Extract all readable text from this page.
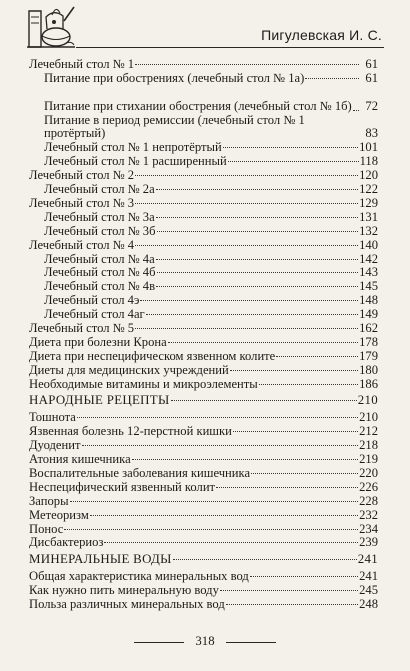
Пигулевская И. С.
Лечебный стол № 1	61
Питание при обострениях (лечебный стол № 1а)	61
Питание при стихании обострения (лечебный стол № 1б)	72
Питание в период ремиссии (лечебный стол № 1 протёртый)	83
Лечебный стол № 1 непротёртый	101
Лечебный стол № 1 расширенный	118
Лечебный стол № 2	120
Лечебный стол № 2а	122
Лечебный стол № 3	129
Лечебный стол № 3а	131
Лечебный стол № 3б	132
Лечебный стол № 4	140
Лечебный стол № 4а	142
Лечебный стол № 4б	143
Лечебный стол № 4в	145
Лечебный стол 4э	148
Лечебный стол 4аг	149
Лечебный стол № 5	162
Диета при болезни Крона	178
Диета при неспецифическом язвенном колите	179
Диеты для медицинских учреждений	180
Необходимые витамины и микроэлементы	186
НАРОДНЫЕ РЕЦЕПТЫ	210
Тошнота	210
Язвенная болезнь 12-перстной кишки	212
Дуоденит	218
Атония кишечника	219
Воспалительные заболевания кишечника	220
Неспецифический язвенный колит	226
Запоры	228
Метеоризм	232
Понос	234
Дисбактериоз	239
МИНЕРАЛЬНЫЕ ВОДЫ	241
Общая характеристика минеральных вод	241
Как нужно пить минеральную воду	245
Польза различных минеральных вод	248
318
